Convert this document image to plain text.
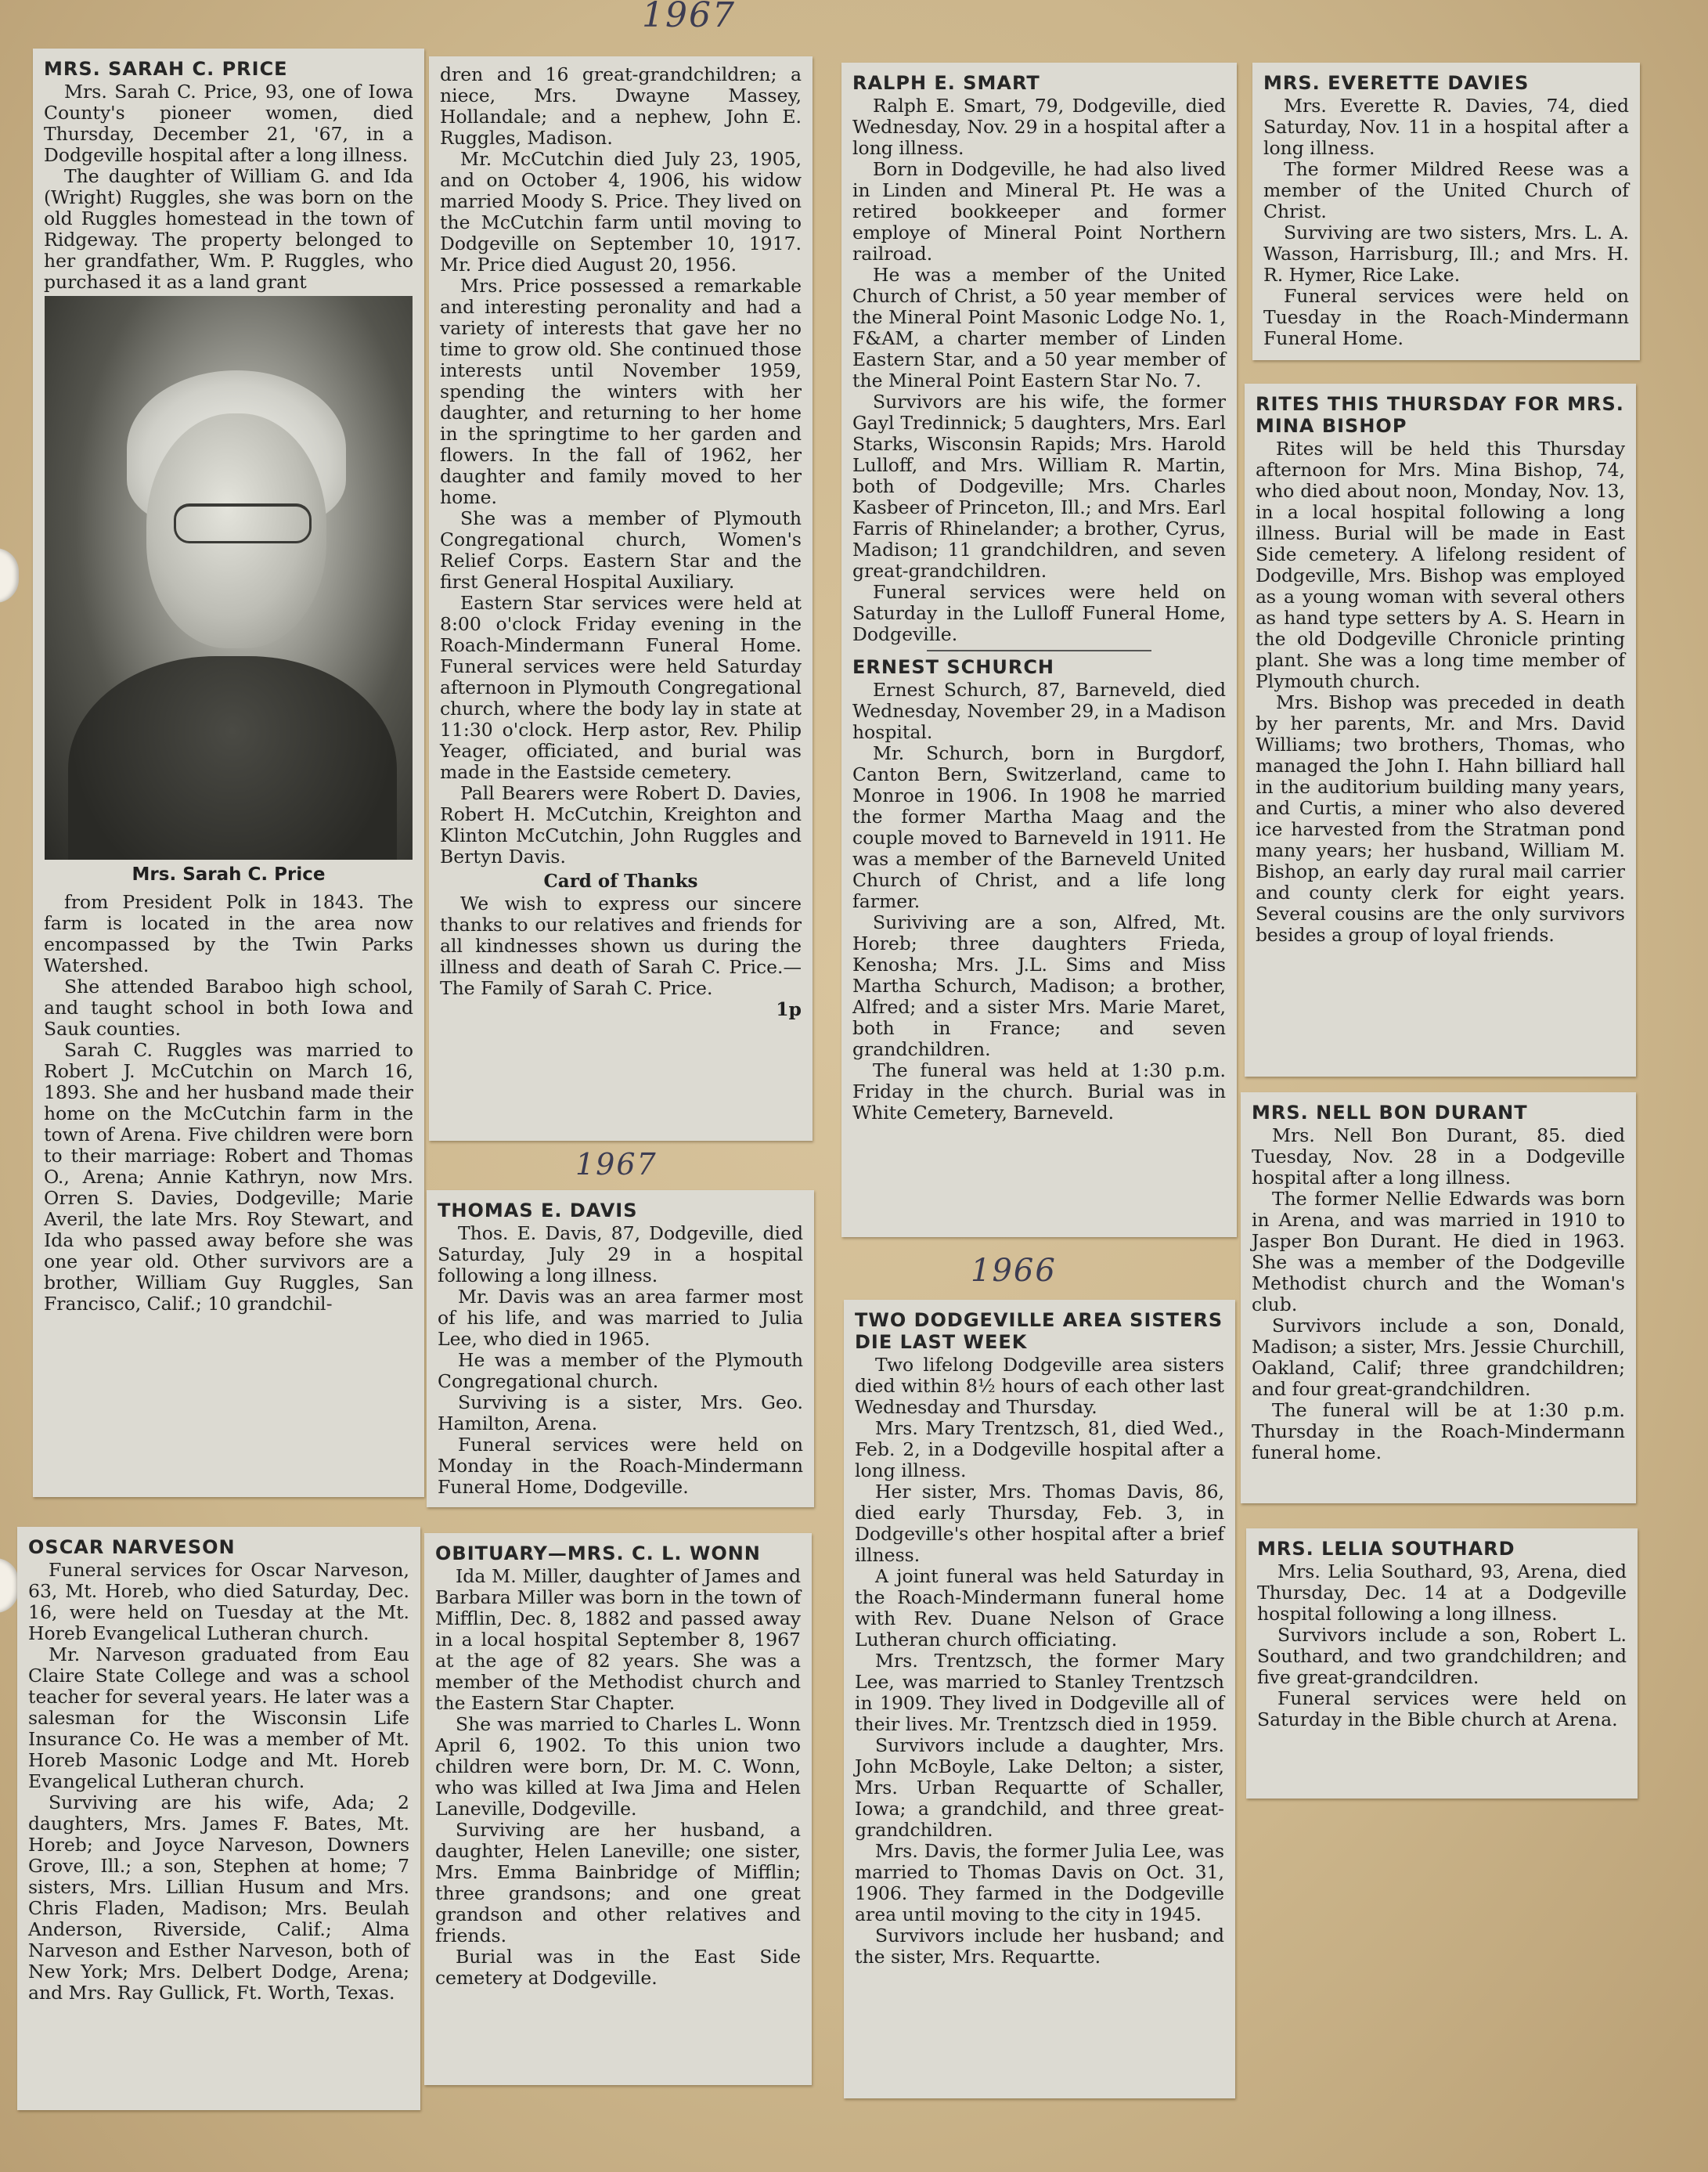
1967
1967
1966
MRS. SARAH C. PRICE

Mrs. Sarah C. Price, 93, one of Iowa County's pioneer women, died Thursday, December 21, '67, in a Dodgeville hospital after a long illness.

The daughter of William G. and Ida (Wright) Ruggles, she was born on the old Ruggles homestead in the town of Ridgeway. The property belonged to her grandfather, Wm. P. Ruggles, who purchased it as a land grant

Mrs. Sarah C. Price

from President Polk in 1843. The farm is located in the area now encompassed by the Twin Parks Watershed.

She attended Baraboo high school, and taught school in both Iowa and Sauk counties.

Sarah C. Ruggles was married to Robert J. McCutchin on March 16, 1893. She and her husband made their home on the McCutchin farm in the town of Arena. Five children were born to their marriage: Robert and Thomas O., Arena; Annie Kathryn, now Mrs. Orren S. Davies, Dodgeville; Marie Averil, the late Mrs. Roy Stewart, and Ida who passed away before she was one year old. Other survivors are a brother, William Guy Ruggles, San Francisco, Calif.; 10 grandchil-

dren and 16 great-grandchildren; a niece, Mrs. Dwayne Massey, Hollandale; and a nephew, John E. Ruggles, Madison.

Mr. McCutchin died July 23, 1905, and on October 4, 1906, his widow married Moody S. Price. They lived on the McCutchin farm until moving to Dodgeville on September 10, 1917. Mr. Price died August 20, 1956.

Mrs. Price possessed a remarkable and interesting peronality and had a variety of interests that gave her no time to grow old. She continued those interests until November 1959, spending the winters with her daughter, and returning to her home in the springtime to her garden and flowers. In the fall of 1962, her daughter and family moved to her home.

She was a member of Plymouth Congregational church, Women's Relief Corps. Eastern Star and the first General Hospital Auxiliary.

Eastern Star services were held at 8:00 o'clock Friday evening in the Roach-Mindermann Funeral Home. Funeral services were held Saturday afternoon in Plymouth Congregational church, where the body lay in state at 11:30 o'clock. Herp astor, Rev. Philip Yeager, officiated, and burial was made in the Eastside cemetery.

Pall Bearers were Robert D. Davies, Robert H. McCutchin, Kreighton and Klinton McCutchin, John Ruggles and Bertyn Davis.

Card of Thanks

We wish to express our sincere thanks to our relatives and friends for all kindnesses shown us during the illness and death of Sarah C. Price.—The Family of Sarah C. Price.

1p
THOMAS E. DAVIS

Thos. E. Davis, 87, Dodgeville, died Saturday, July 29 in a hospital following a long illness.

Mr. Davis was an area farmer most of his life, and was married to Julia Lee, who died in 1965.

He was a member of the Plymouth Congregational church.

Surviving is a sister, Mrs. Geo. Hamilton, Arena.

Funeral services were held on Monday in the Roach-Mindermann Funeral Home, Dodgeville.

OSCAR NARVESON

Funeral services for Oscar Narveson, 63, Mt. Horeb, who died Saturday, Dec. 16, were held on Tuesday at the Mt. Horeb Evangelical Lutheran church.

Mr. Narveson graduated from Eau Claire State College and was a school teacher for several years. He later was a salesman for the Wisconsin Life Insurance Co. He was a member of Mt. Horeb Masonic Lodge and Mt. Horeb Evangelical Lutheran church.

Surviving are his wife, Ada; 2 daughters, Mrs. James F. Bates, Mt. Horeb; and Joyce Narveson, Downers Grove, Ill.; a son, Stephen at home; 7 sisters, Mrs. Lillian Husum and Mrs. Chris Fladen, Madison; Mrs. Beulah Anderson, Riverside, Calif.; Alma Narveson and Esther Narveson, both of New York; Mrs. Delbert Dodge, Arena; and Mrs. Ray Gullick, Ft. Worth, Texas.

OBITUARY—MRS. C. L. WONN

Ida M. Miller, daughter of James and Barbara Miller was born in the town of Mifflin, Dec. 8, 1882 and passed away in a local hospital September 8, 1967 at the age of 82 years. She was a member of the Methodist church and the Eastern Star Chapter.

She was married to Charles L. Wonn April 6, 1902. To this union two children were born, Dr. M. C. Wonn, who was killed at Iwa Jima and Helen Laneville, Dodgeville.

Surviving are her husband, a daughter, Helen Laneville; one sister, Mrs. Emma Bainbridge of Mifflin; three grandsons; and one great grandson and other relatives and friends.

Burial was in the East Side cemetery at Dodgeville.

RALPH E. SMART

Ralph E. Smart, 79, Dodgeville, died Wednesday, Nov. 29 in a hospital after a long illness.

Born in Dodgeville, he had also lived in Linden and Mineral Pt. He was a retired bookkeeper and former employe of Mineral Point Northern railroad.

He was a member of the United Church of Christ, a 50 year member of the Mineral Point Masonic Lodge No. 1, F&AM, a charter member of Linden Eastern Star, and a 50 year member of the Mineral Point Eastern Star No. 7.

Survivors are his wife, the former Gayl Tredinnick; 5 daughters, Mrs. Earl Starks, Wisconsin Rapids; Mrs. Harold Lulloff, and Mrs. William R. Martin, both of Dodgeville; Mrs. Charles Kasbeer of Princeton, Ill.; and Mrs. Earl Farris of Rhinelander; a brother, Cyrus, Madison; 11 grandchildren, and seven great-grandchildren.

Funeral services were held on Saturday in the Lulloff Funeral Home, Dodgeville.

ERNEST SCHURCH

Ernest Schurch, 87, Barneveld, died Wednesday, November 29, in a Madison hospital.

Mr. Schurch, born in Burgdorf, Canton Bern, Switzerland, came to Monroe in 1906. In 1908 he married the former Martha Maag and the couple moved to Barneveld in 1911. He was a member of the Barneveld United Church of Christ, and a life long farmer.

Suriviving are a son, Alfred, Mt. Horeb; three daughters Frieda, Kenosha; Mrs. J.L. Sims and Miss Martha Schurch, Madison; a brother, Alfred; and a sister Mrs. Marie Maret, both in France; and seven grandchildren.

The funeral was held at 1:30 p.m. Friday in the church. Burial was in White Cemetery, Barneveld.

TWO DODGEVILLE AREA SISTERS DIE LAST WEEK

Two lifelong Dodgeville area sisters died within 8½ hours of each other last Wednesday and Thursday.

Mrs. Mary Trentzsch, 81, died Wed., Feb. 2, in a Dodgeville hospital after a long illness.

Her sister, Mrs. Thomas Davis, 86, died early Thursday, Feb. 3, in Dodgeville's other hospital after a brief illness.

A joint funeral was held Saturday in the Roach-Mindermann funeral home with Rev. Duane Nelson of Grace Lutheran church officiating.

Mrs. Trentzsch, the former Mary Lee, was married to Stanley Trentzsch in 1909. They lived in Dodgeville all of their lives. Mr. Trentzsch died in 1959.

Survivors include a daughter, Mrs. John McBoyle, Lake Delton; a sister, Mrs. Urban Requartte of Schaller, Iowa; a grandchild, and three great-grandchildren.

Mrs. Davis, the former Julia Lee, was married to Thomas Davis on Oct. 31, 1906. They farmed in the Dodgeville area until moving to the city in 1945.

Survivors include her husband; and the sister, Mrs. Requartte.

MRS. EVERETTE DAVIES

Mrs. Everette R. Davies, 74, died Saturday, Nov. 11 in a hospital after a long illness.

The former Mildred Reese was a member of the United Church of Christ.

Surviving are two sisters, Mrs. L. A. Wasson, Harrisburg, Ill.; and Mrs. H. R. Hymer, Rice Lake.

Funeral services were held on Tuesday in the Roach-Mindermann Funeral Home.

RITES THIS THURSDAY FOR MRS. MINA BISHOP

Rites will be held this Thursday afternoon for Mrs. Mina Bishop, 74, who died about noon, Monday, Nov. 13, in a local hospital following a long illness. Burial will be made in East Side cemetery. A lifelong resident of Dodgeville, Mrs. Bishop was employed as a young woman with several others as hand type setters by A. S. Hearn in the old Dodgeville Chronicle printing plant. She was a long time member of Plymouth church.

Mrs. Bishop was preceded in death by her parents, Mr. and Mrs. David Williams; two brothers, Thomas, who managed the John I. Hahn billiard hall in the auditorium building many years, and Curtis, a miner who also devered ice harvested from the Stratman pond many years; her husband, William M. Bishop, an early day rural mail carrier and county clerk for eight years. Several cousins are the only survivors besides a group of loyal friends.

MRS. NELL BON DURANT

Mrs. Nell Bon Durant, 85. died Tuesday, Nov. 28 in a Dodgeville hospital after a long illness.

The former Nellie Edwards was born in Arena, and was married in 1910 to Jasper Bon Durant. He died in 1963. She was a member of the Dodgeville Methodist church and the Woman's club.

Survivors include a son, Donald, Madison; a sister, Mrs. Jessie Churchill, Oakland, Calif; three grandchildren; and four great-grandchildren.

The funeral will be at 1:30 p.m. Thursday in the Roach-Mindermann funeral home.

MRS. LELIA SOUTHARD

Mrs. Lelia Southard, 93, Arena, died Thursday, Dec. 14 at a Dodgeville hospital following a long illness.

Survivors include a son, Robert L. Southard, and two grandchildren; and five great-grandcildren.

Funeral services were held on Saturday in the Bible church at Arena.
